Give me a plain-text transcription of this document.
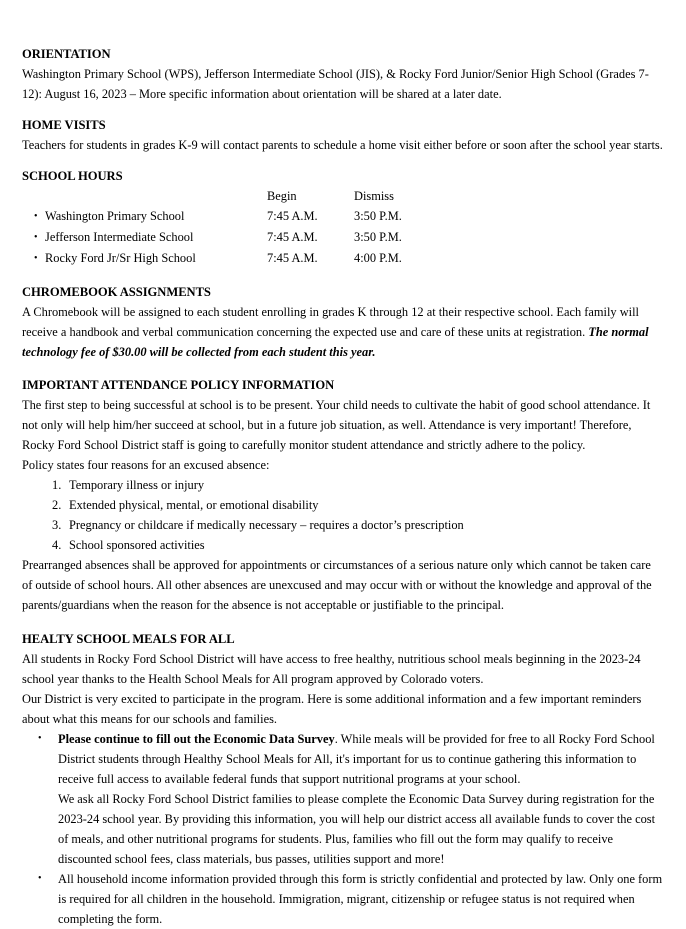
ORIENTATION

Washington Primary School (WPS), Jefferson Intermediate School (JIS), & Rocky Ford Junior/Senior High School (Grades 7-12): August 16, 2023 – More specific information about orientation will be shared at a later date.

HOME VISITS

Teachers for students in grades K-9 will contact parents to schedule a home visit either before or soon after the school year starts.

SCHOOL HOURS
	Begin	Dismiss
• Washington Primary School	7:45 A.M.	3:50 P.M.
• Jefferson Intermediate School	7:45 A.M.	3:50 P.M.
• Rocky Ford Jr/Sr High School	7:45 A.M.	4:00 P.M.
CHROMEBOOK ASSIGNMENTS

A Chromebook will be assigned to each student enrolling in grades K through 12 at their respective school. Each family will receive a handbook and verbal communication concerning the expected use and care of these units at registration. The normal technology fee of $30.00 will be collected from each student this year.

IMPORTANT ATTENDANCE POLICY INFORMATION

The first step to being successful at school is to be present. Your child needs to cultivate the habit of good school attendance. It not only will help him/her succeed at school, but in a future job situation, as well. Attendance is very important! Therefore, Rocky Ford School District staff is going to carefully monitor student attendance and strictly adhere to the policy.

Policy states four reasons for an excused absence:

1. Temporary illness or injury
2. Extended physical, mental, or emotional disability
3. Pregnancy or childcare if medically necessary – requires a doctor’s prescription
4. School sponsored activities

Prearranged absences shall be approved for appointments or circumstances of a serious nature only which cannot be taken care of outside of school hours. All other absences are unexcused and may occur with or without the knowledge and approval of the parents/guardians when the reason for the absence is not acceptable or justifiable to the principal.

HEALTY SCHOOL MEALS FOR ALL

All students in Rocky Ford School District will have access to free healthy, nutritious school meals beginning in the 2023-24 school year thanks to the Health School Meals for All program approved by Colorado voters.

Our District is very excited to participate in the program. Here is some additional information and a few important reminders about what this means for our schools and families.

• Please continue to fill out the Economic Data Survey. While meals will be provided for free to all Rocky Ford School District students through Healthy School Meals for All, it's important for us to continue gathering this information to receive full access to available federal funds that support nutritional programs at your school.
We ask all Rocky Ford School District families to please complete the Economic Data Survey during registration for the 2023-24 school year. By providing this information, you will help our district access all available funds to cover the cost of meals, and other nutritional programs for students. Plus, families who fill out the form may qualify to receive discounted school fees, class materials, bus passes, utilities support and more!
• All household income information provided through this form is strictly confidential and protected by law. Only one form is required for all children in the household. Immigration, migrant, citizenship or refugee status is not required when completing the form.
